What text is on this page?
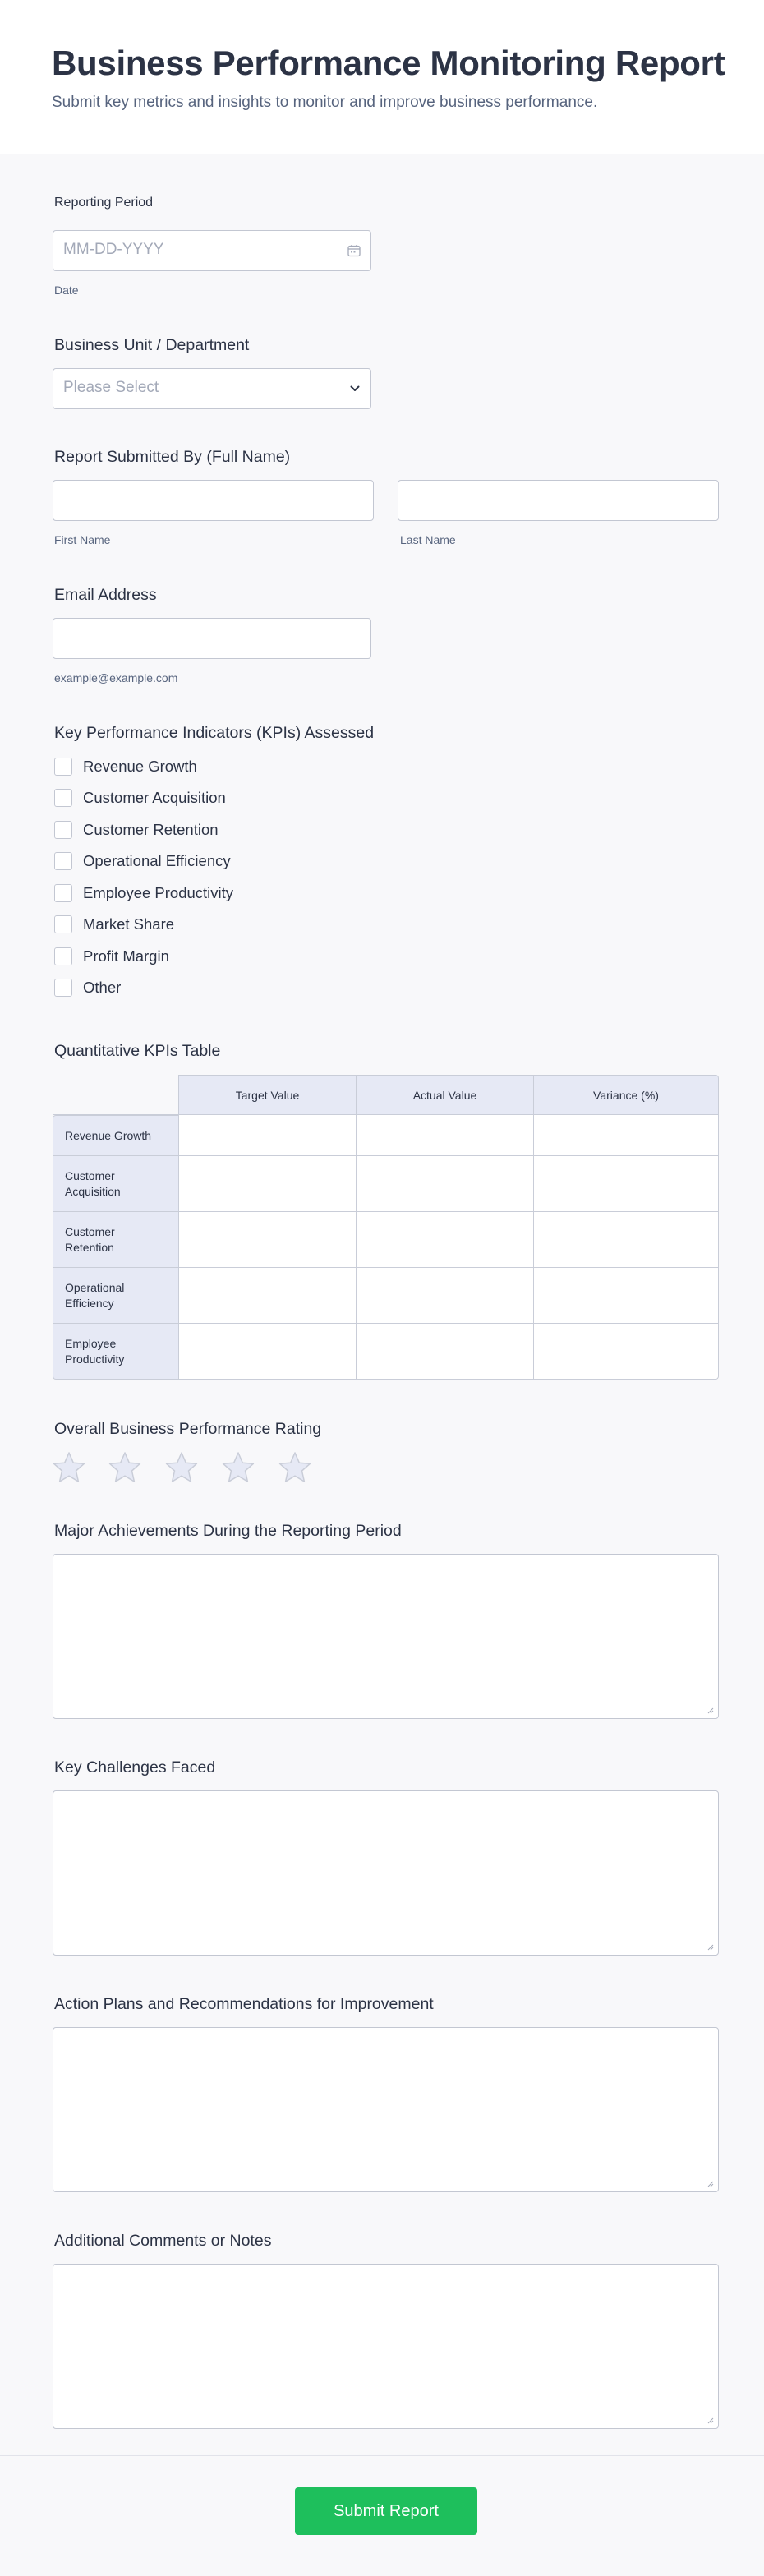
Business Performance Monitoring Report
Submit key metrics and insights to monitor and improve business performance.
Reporting Period
MM-DD-YYYY
Date
Business Unit / Department
Please Select
Report Submitted By (Full Name)
First Name	Last Name
Email Address
example@example.com
Key Performance Indicators (KPIs) Assessed
Revenue Growth
Customer Acquisition
Customer Retention
Operational Efficiency
Employee Productivity
Market Share
Profit Margin
Other
Quantitative KPIs Table
	Target Value	Actual Value	Variance (%)
Revenue Growth			
Customer Acquisition			
Customer Retention			
Operational Efficiency			
Employee Productivity			
Overall Business Performance Rating
Major Achievements During the Reporting Period
Key Challenges Faced
Action Plans and Recommendations for Improvement
Additional Comments or Notes
Submit Report
